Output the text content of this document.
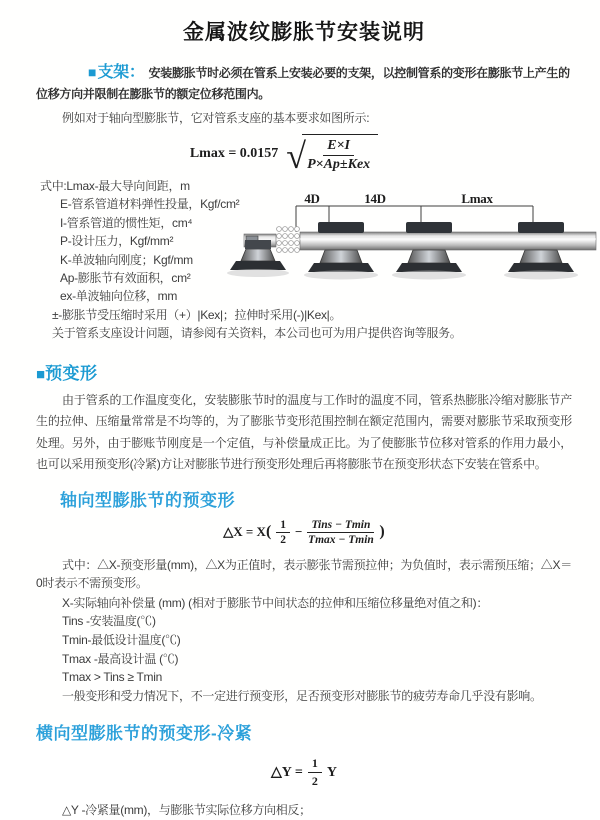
金属波纹膨胀节安装说明

■支架： 安装膨胀节时必须在管系上安装必要的支架，以控制管系的变形在膨胀节上产生的位移方向并限制在膨胀节的额定位移范围内。

例如对于轴向型膨胀节，它对管系支座的基本要求如图所示:
Lmax = 0.0157 √ $\frac{E\times I}{\text{P×Ap±Kex}}$
式中:Lmax-最大导向间距，m
E-管系管道材料弹性投量，Kgf/cm²
I-管系管道的惯性矩，cm⁴
P-设计压力，Kgf/mm²
K-单波轴向刚度；Kgf/mm
Ap-膨胀节有效面积，cm²
ex-单波轴向位移，mm
±-膨胀节受压缩时采用（+）|Kex|；拉伸时采用(-)|Kex|。
关于管系支座设计问题，请参阅有关资料，本公司也可为用户提供咨询等服务。
4D	14D	Lmax
■预变形

由于管系的工作温度变化，安装膨胀节时的温度与工作时的温度不同，管系热膨胀冷缩对膨胀节产生的拉伸、压缩量常常是不均等的，为了膨胀节变形范围控制在额定范围内，需要对膨胀节采取预变形处理。另外，由于膨账节刚度是一个定值，与补偿量成正比。为了使膨胀节位移对管系的作用力最小，也可以采用预变形(冷紧)方让对膨胀节进行预变形处理后再将膨胀节在预变形状态下安装在管系中。

轴向型膨胀节的预变形
△X = X ( $\frac{1}{2} - \frac{\text{Tins − Tmin}}{Tmax - Tmin}$ )

式中：△X-预变形量(mm)，△X为正值时，表示膨张节需预拉伸；为负值时，表示需预压缩；△X＝0时表示不需预变形。

X-实际轴向补偿量 (mm) (相对于膨胀节中间状态的拉伸和压缩位移量绝对值之和)：
Tins -安装温度(℃)
Tmin-最低设计温度(℃)
Tmax -最高设计温 (℃)
Tmax > Tins ≥ Tmin
一般变形和受力情况下，不一定进行预变形，足否预变形对膨胀节的疲劳寿命几乎没有影响。
横向型膨胀节的预变形-冷紧
△Y = $\frac{1}{2}$ Y
△Y -冷紧量(mm)，与膨胀节实际位移方向相反；
